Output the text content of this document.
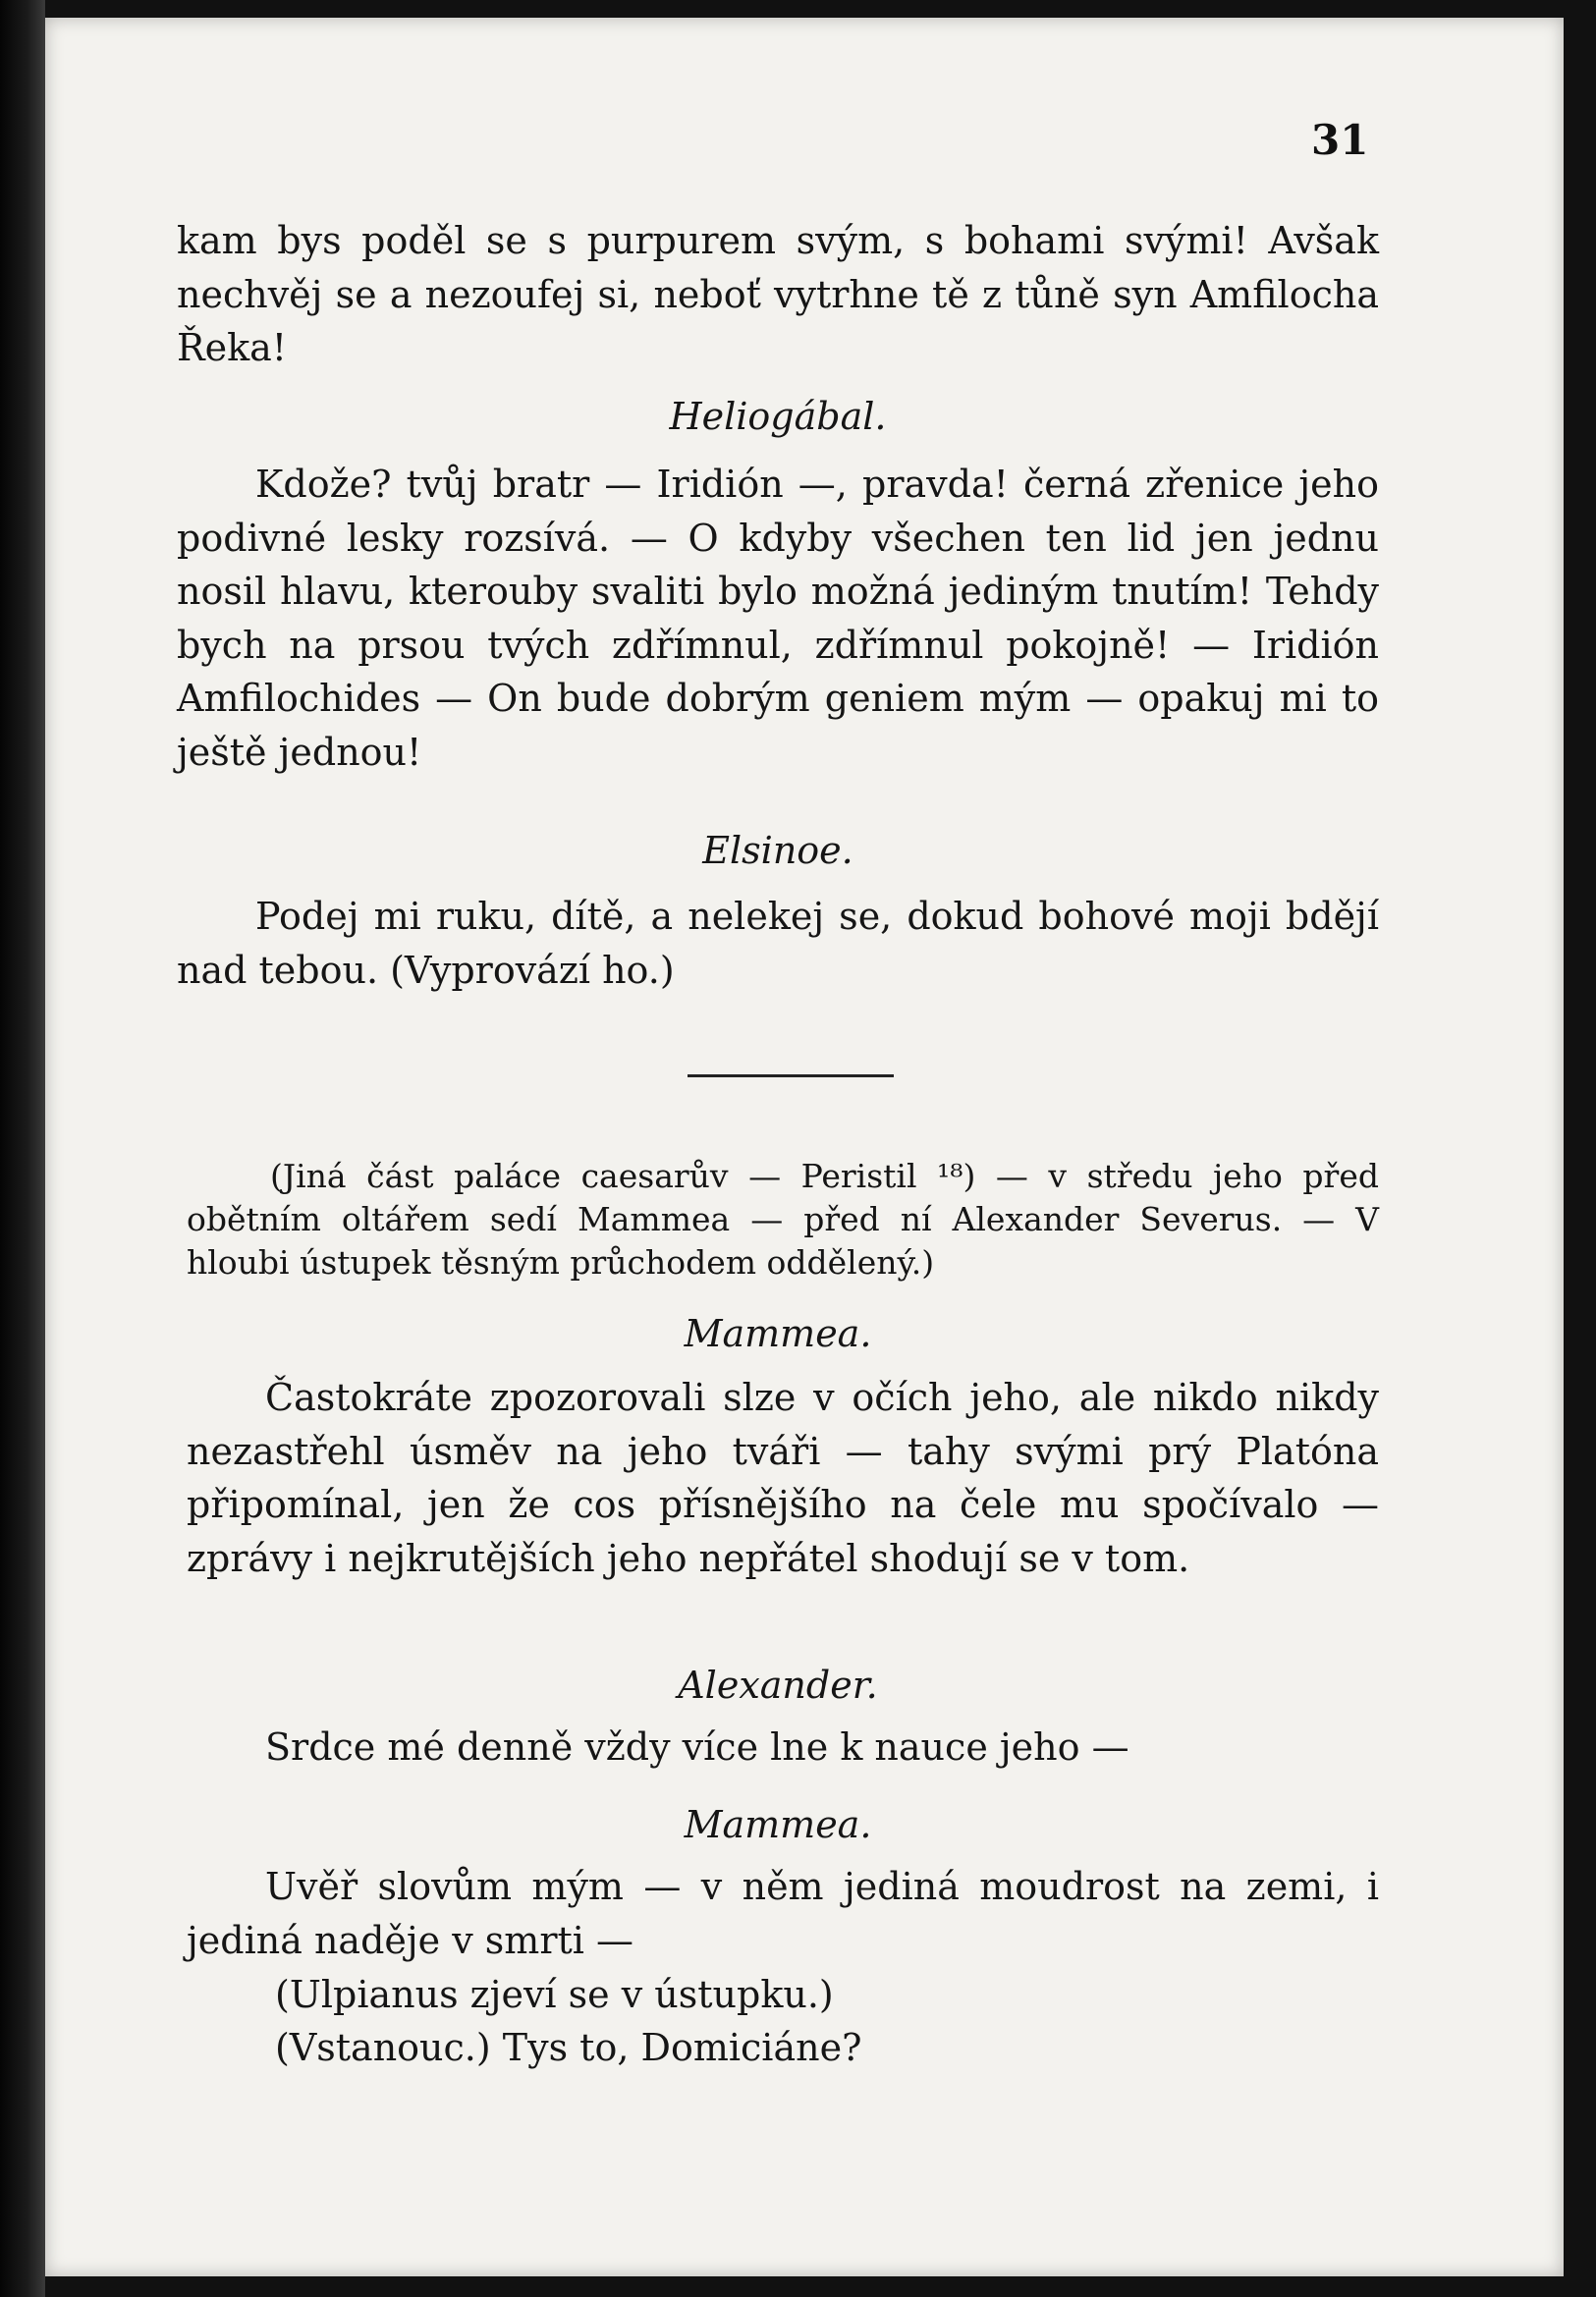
31
kam bys poděl se s purpurem svým, s bohami svými! Avšak nechvěj se a nezoufej si, neboť vytrhne tě z tůně syn Amfilocha Řeka!
Heliogábal.
Kdože? tvůj bratr — Iridión —, pravda! černá zřenice jeho podivné lesky rozsívá. — O kdyby všechen ten lid jen jednu nosil hlavu, kterouby svaliti bylo možná jediným tnutím! Tehdy bych na prsou tvých zdřímnul, zdřímnul pokojně! — Iridión Amfilochides — On bude dobrým geniem mým — opakuj mi to ještě jednou!
Elsinoe.
Podej mi ruku, dítě, a nelekej se, dokud bohové moji bdějí nad tebou. (Vyprovází ho.)
(Jiná část paláce caesarův — Peristil ¹⁸) — v středu jeho před obětním oltářem sedí Mammea — před ní Alexander Severus. — V hloubi ústupek těsným průchodem oddělený.)
Mammea.
Častokráte zpozorovali slze v očích jeho, ale nikdo nikdy nezastřehl úsměv na jeho tváři — tahy svými prý Platóna připomínal, jen že cos přísnějšího na čele mu spočívalo — zprávy i nejkrutějších jeho nepřátel shodují se v tom.
Alexander.
Srdce mé denně vždy více lne k nauce jeho —
Mammea.
Uvěř slovům mým — v něm jediná moudrost na zemi, i jediná naděje v smrti —
(Ulpianus zjeví se v ústupku.)
(Vstanouc.) Tys to, Domiciáne?
